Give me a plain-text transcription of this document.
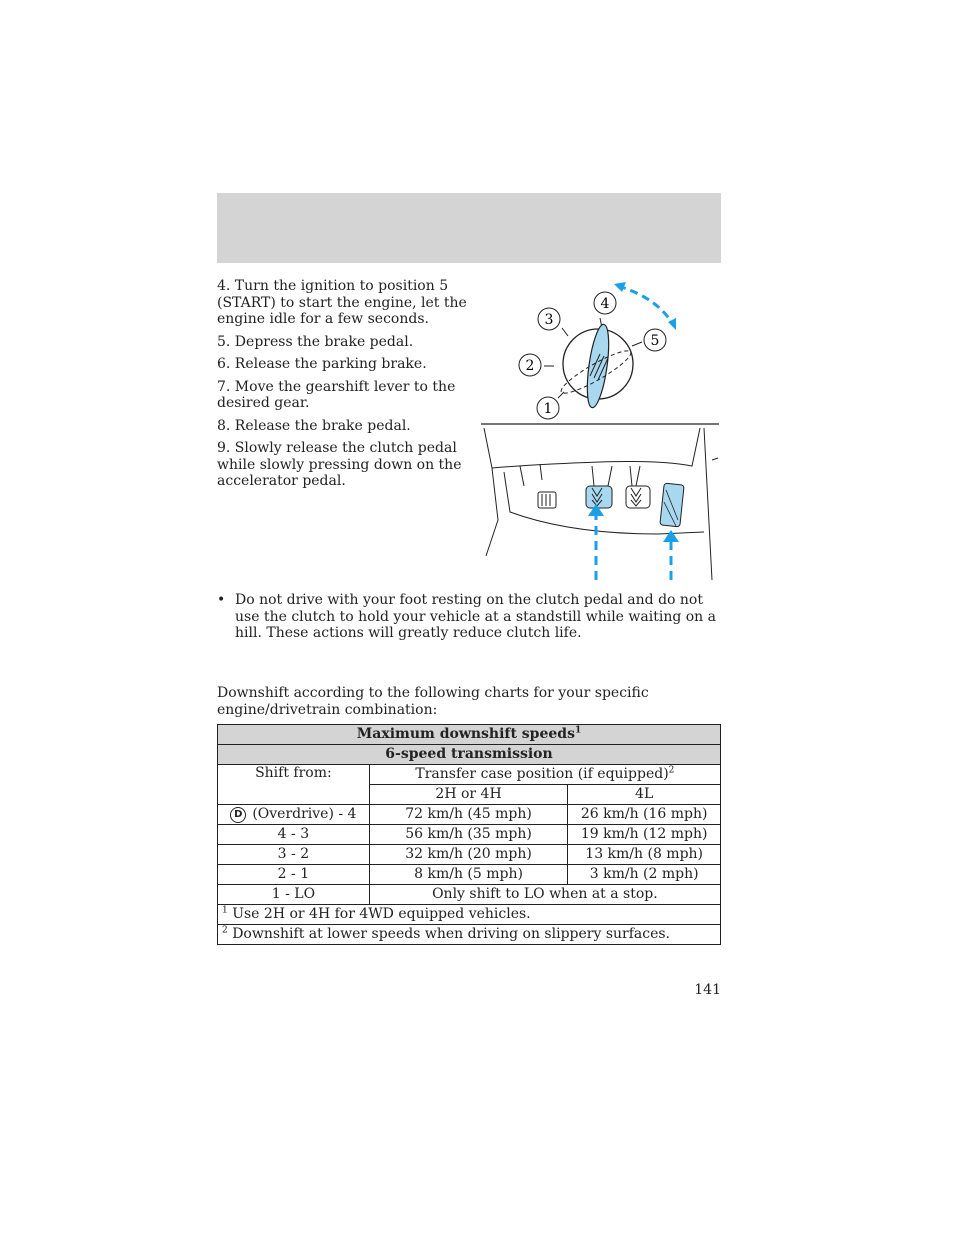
4. Turn the ignition to position 5 (START) to start the engine, let the engine idle for a few seconds.

5. Depress the brake pedal.

6. Release the parking brake.

7. Move the gearshift lever to the desired gear.

8. Release the brake pedal.

9. Slowly release the clutch pedal while slowly pressing down on the accelerator pedal.

1
2
3
4
5
• Do not drive with your foot resting on the clutch pedal and do not use the clutch to hold your vehicle at a standstill while waiting on a hill. These actions will greatly reduce clutch life.
Downshift according to the following charts for your specific engine/drivetrain combination:
Maximum downshift speeds$^1$
6-speed transmission		
Shift from:	Transfer case position (if equipped)$^2$
	2H or 4H	4L
D (Overdrive) - 4	72 km/h (45 mph)	26 km/h (16 mph)
4 - 3	56 km/h (35 mph)	19 km/h (12 mph)
3 - 2	32 km/h (20 mph)	13 km/h (8 mph)
2 - 1	8 km/h (5 mph)	3 km/h (2 mph)
1 - LO	Only shift to LO when at a stop.	
$^1$ Use 2H or 4H for 4WD equipped vehicles.		
$^2$ Downshift at lower speeds when driving on slippery surfaces.		
141
